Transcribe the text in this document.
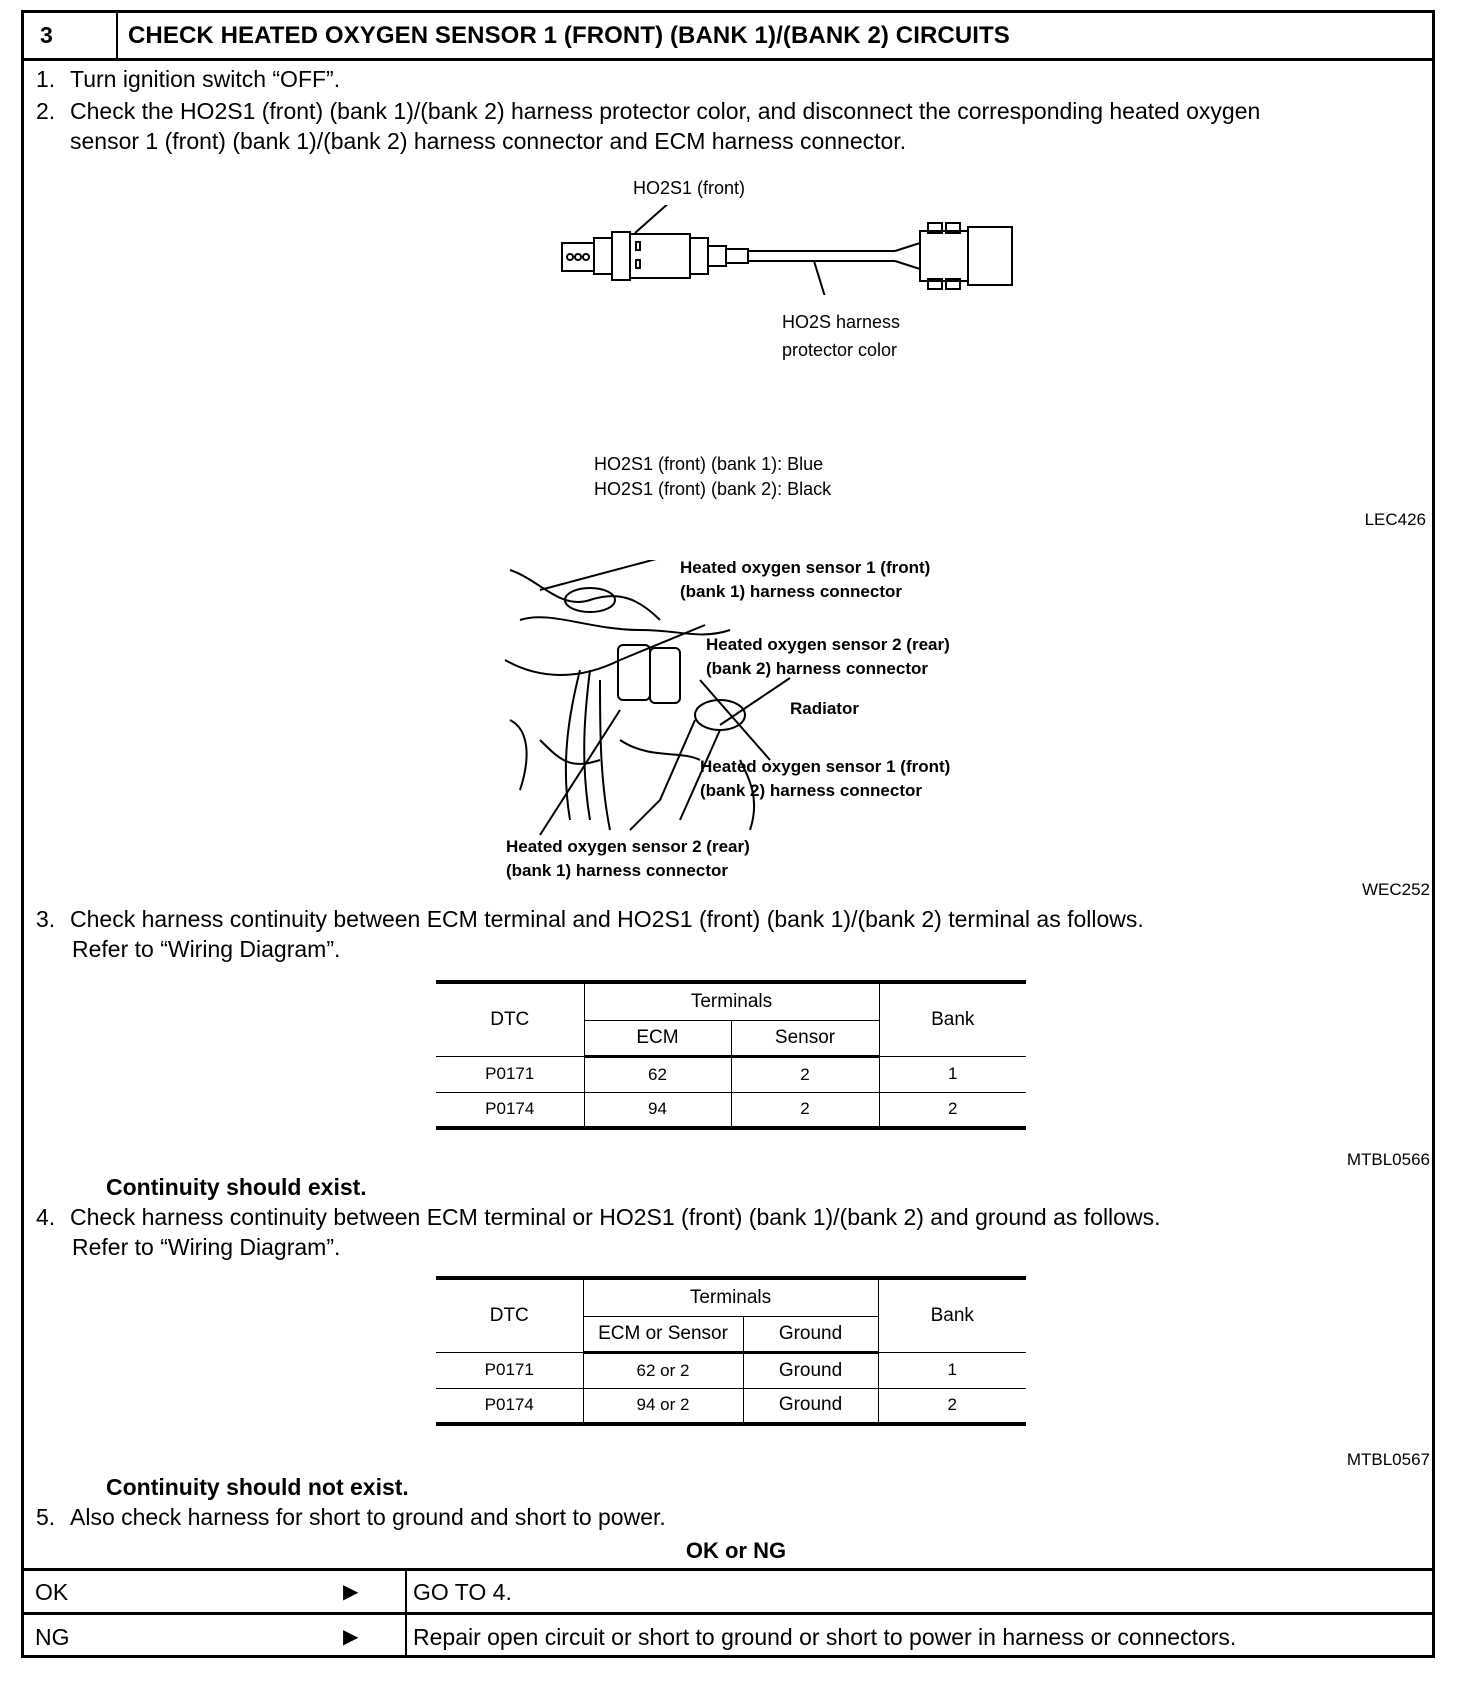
3	CHECK HEATED OXYGEN SENSOR 1 (FRONT) (BANK 1)/(BANK 2) CIRCUITS
1. Turn ignition switch “OFF”.
2. Check the HO2S1 (front) (bank 1)/(bank 2) harness protector color, and disconnect the corresponding heated oxygen
sensor 1 (front) (bank 1)/(bank 2) harness connector and ECM harness connector.
HO2S1 (front)
HO2S harness
protector color
HO2S1 (front) (bank 1): Blue
HO2S1 (front) (bank 2): Black
LEC426
Heated oxygen sensor 1 (front)
(bank 1) harness connector
Heated oxygen sensor 2 (rear)
(bank 2) harness connector
Radiator
Heated oxygen sensor 1 (front)
(bank 2) harness connector
Heated oxygen sensor 2 (rear)
(bank 1) harness connector
WEC252
3. Check harness continuity between ECM terminal and HO2S1 (front) (bank 1)/(bank 2) terminal as follows.
Refer to “Wiring Diagram”.
DTC	Terminals		Bank
	ECM	Sensor	
P0171	62	2	1
P0174	94	2	2
MTBL0566
Continuity should exist.
4. Check harness continuity between ECM terminal or HO2S1 (front) (bank 1)/(bank 2) and ground as follows.
Refer to “Wiring Diagram”.
DTC	Terminals		Bank
	ECM or Sensor	Ground	
P0171	62 or 2	Ground	1
P0174	94 or 2	Ground	2
MTBL0567
Continuity should not exist.
5. Also check harness for short to ground and short to power.
OK or NG
OK	▶	GO TO 4.
NG	▶	Repair open circuit or short to ground or short to power in harness or connectors.
